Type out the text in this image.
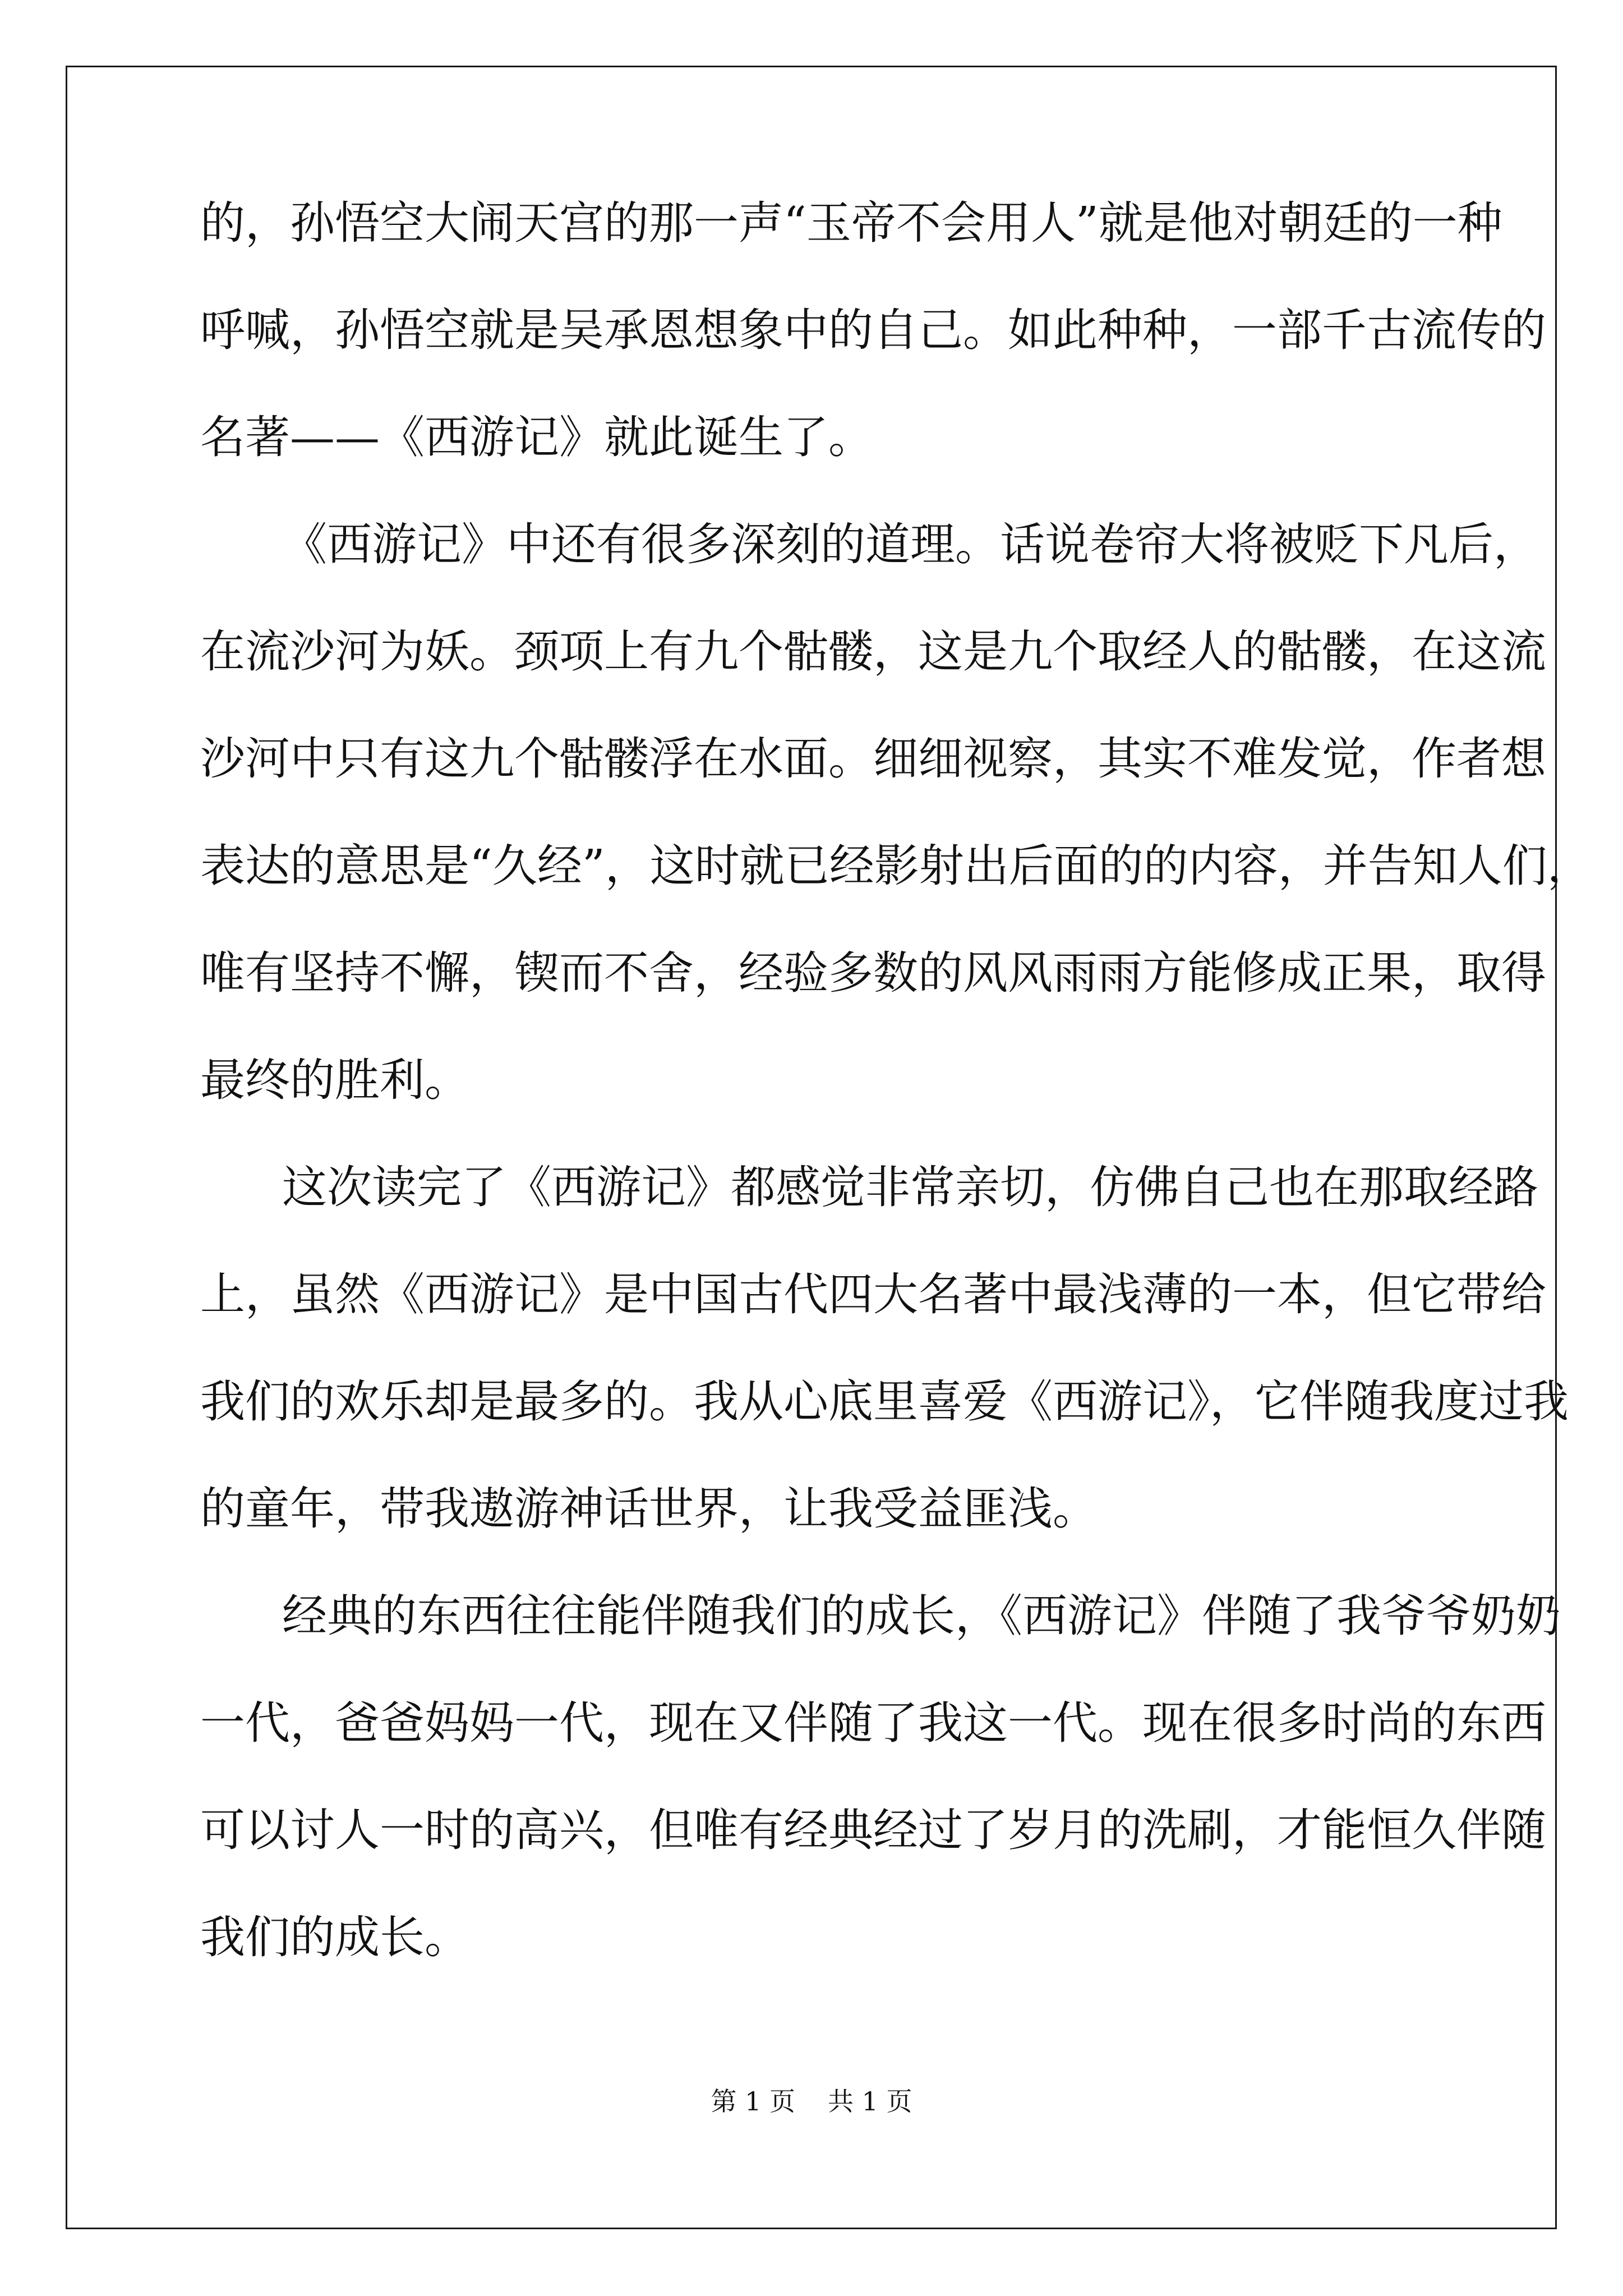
的，孙悟空大闹天宫的那一声“玉帝不会用人”就是他对朝廷的一种
呼喊，孙悟空就是吴承恩想象中的自己。如此种种，一部千古流传的
名著——《西游记》就此诞生了。
《西游记》中还有很多深刻的道理。话说卷帘大将被贬下凡后，
在流沙河为妖。颈项上有九个骷髅，这是九个取经人的骷髅，在这流
沙河中只有这九个骷髅浮在水面。细细视察，其实不难发觉，作者想
表达的意思是“久经”，这时就已经影射出后面的的内容，并告知人们，
唯有坚持不懈，锲而不舍，经验多数的风风雨雨方能修成正果，取得
最终的胜利。
这次读完了《西游记》都感觉非常亲切，仿佛自己也在那取经路
上，虽然《西游记》是中国古代四大名著中最浅薄的一本，但它带给
我们的欢乐却是最多的。我从心底里喜爱《西游记》，它伴随我度过我
的童年，带我遨游神话世界，让我受益匪浅。
经典的东西往往能伴随我们的成长，《西游记》伴随了我爷爷奶奶
一代，爸爸妈妈一代，现在又伴随了我这一代。现在很多时尚的东西
可以讨人一时的高兴，但唯有经典经过了岁月的洗刷，才能恒久伴随
我们的成长。
第 1 页 共 1 页
